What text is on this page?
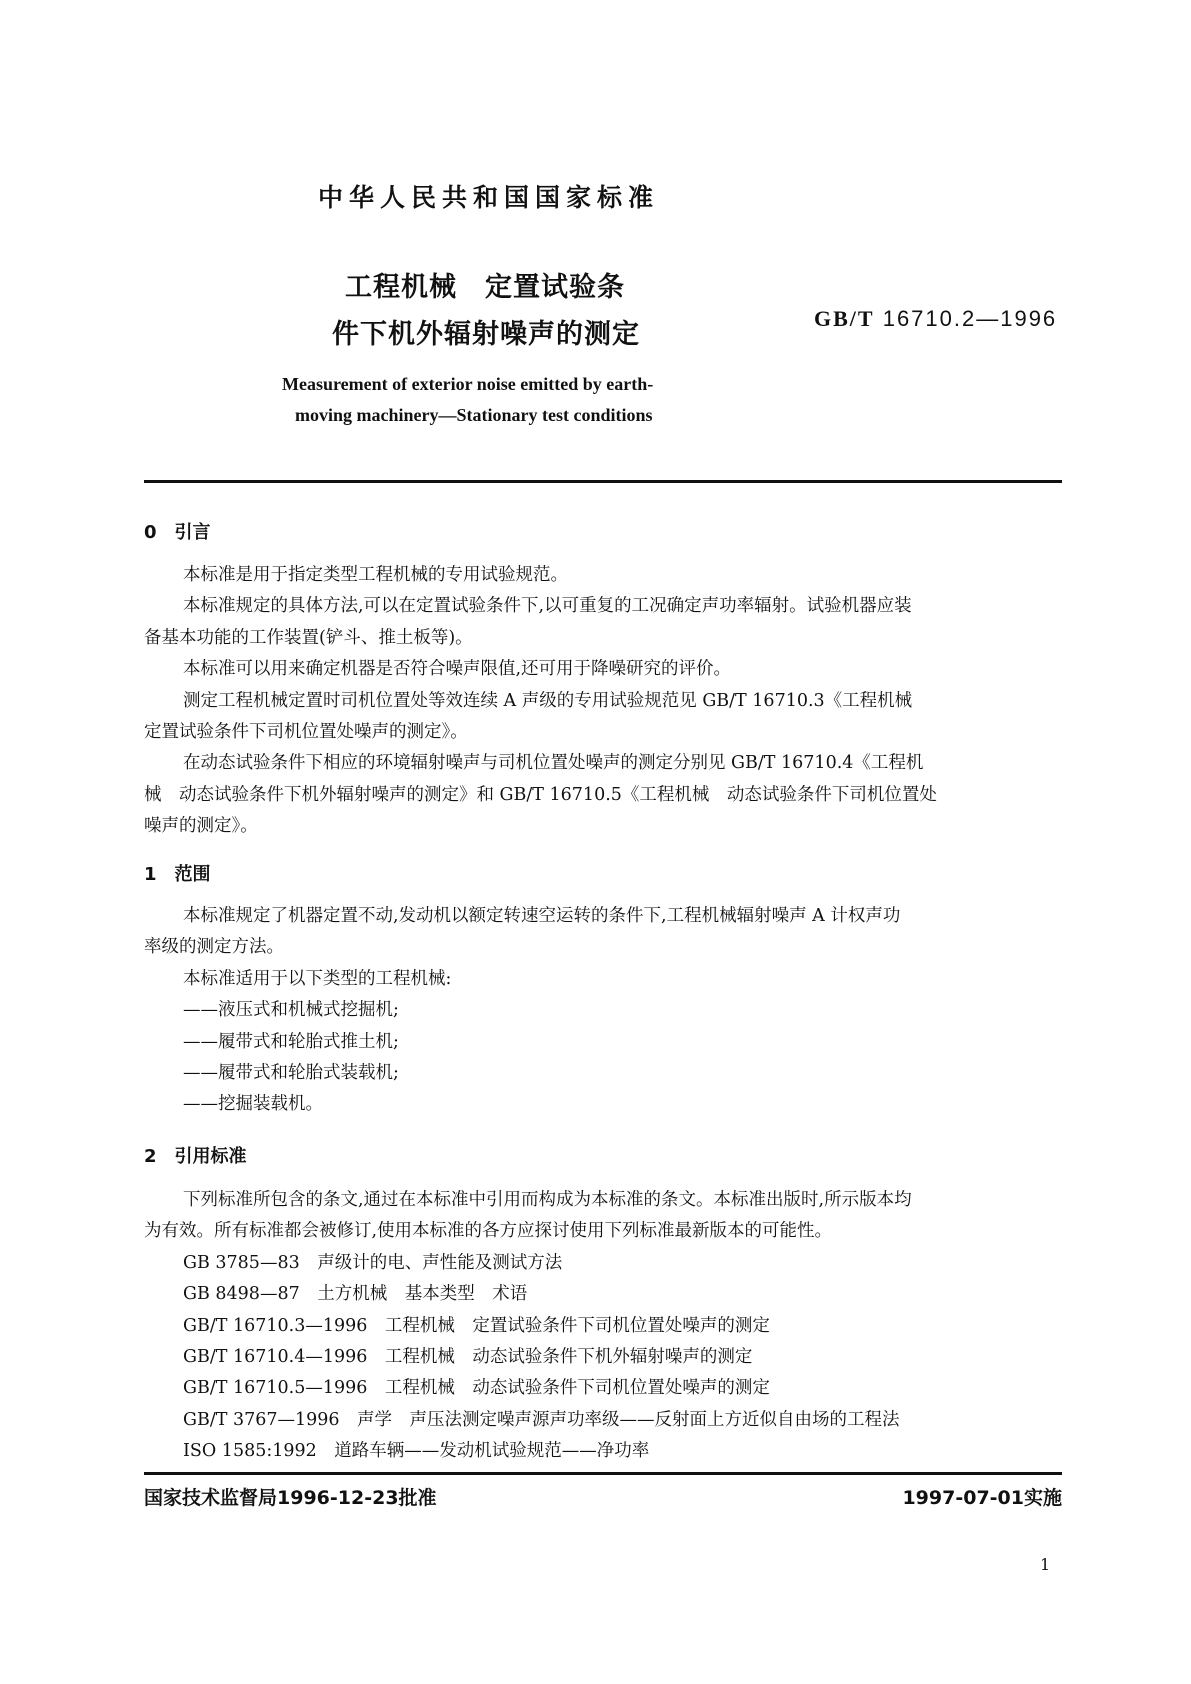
中华人民共和国国家标准
工程机械　定置试验条
件下机外辐射噪声的测定
GB/T 16710.2—1996
Measurement of exterior noise emitted by earth-
moving machinery—Stationary test conditions
0　引言
本标准是用于指定类型工程机械的专用试验规范。
本标准规定的具体方法,可以在定置试验条件下,以可重复的工况确定声功率辐射。试验机器应装
备基本功能的工作装置(铲斗、推土板等)。
本标准可以用来确定机器是否符合噪声限值,还可用于降噪研究的评价。
测定工程机械定置时司机位置处等效连续 A 声级的专用试验规范见 GB/T 16710.3《工程机械
定置试验条件下司机位置处噪声的测定》。
在动态试验条件下相应的环境辐射噪声与司机位置处噪声的测定分别见 GB/T 16710.4《工程机
械　动态试验条件下机外辐射噪声的测定》和 GB/T 16710.5《工程机械　动态试验条件下司机位置处
噪声的测定》。
1　范围
本标准规定了机器定置不动,发动机以额定转速空运转的条件下,工程机械辐射噪声 A 计权声功
率级的测定方法。
本标准适用于以下类型的工程机械:
——液压式和机械式挖掘机;
——履带式和轮胎式推土机;
——履带式和轮胎式装载机;
——挖掘装载机。
2　引用标准
下列标准所包含的条文,通过在本标准中引用而构成为本标准的条文。本标准出版时,所示版本均
为有效。所有标准都会被修订,使用本标准的各方应探讨使用下列标准最新版本的可能性。
GB 3785—83　声级计的电、声性能及测试方法
GB 8498—87　土方机械　基本类型　术语
GB/T 16710.3—1996　工程机械　定置试验条件下司机位置处噪声的测定
GB/T 16710.4—1996　工程机械　动态试验条件下机外辐射噪声的测定
GB/T 16710.5—1996　工程机械　动态试验条件下司机位置处噪声的测定
GB/T 3767—1996　声学　声压法测定噪声源声功率级——反射面上方近似自由场的工程法
ISO 1585:1992　道路车辆——发动机试验规范——净功率
国家技术监督局1996-12-23批准	1997-07-01实施
1
